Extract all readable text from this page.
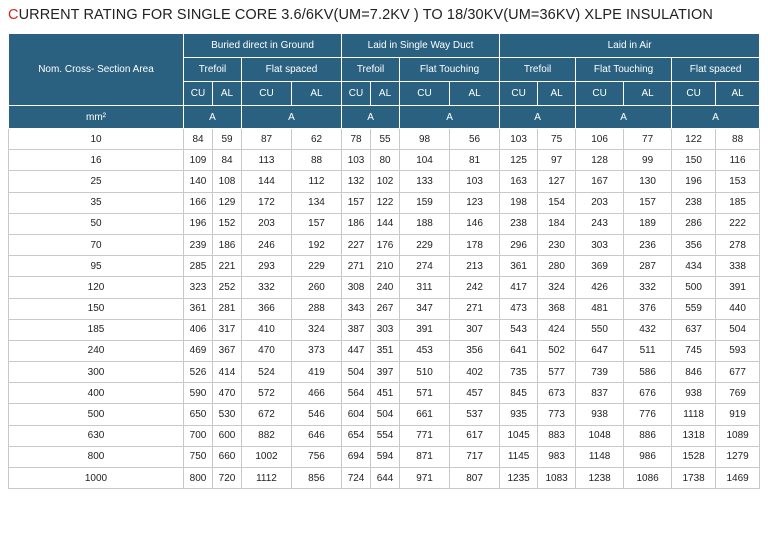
CURRENT RATING FOR SINGLE CORE 3.6/6KV(UM=7.2KV ) TO 18/30KV(UM=36KV) XLPE INSULATION
Nom. Cross- Section Area	Buried direct in Ground				Laid in Single Way Duct				Laid in Air					
	Trefoil		Flat spaced		Trefoil		Flat Touching		Trefoil		Flat Touching		Flat spaced	
	CU	AL	CU	AL	CU	AL	CU	AL	CU	AL	CU	AL	CU	AL
mm²	A		A		A		A		A		A		A	
10	84	59	87	62	78	55	98	56	103	75	106	77	122	88
16	109	84	113	88	103	80	104	81	125	97	128	99	150	116
25	140	108	144	112	132	102	133	103	163	127	167	130	196	153
35	166	129	172	134	157	122	159	123	198	154	203	157	238	185
50	196	152	203	157	186	144	188	146	238	184	243	189	286	222
70	239	186	246	192	227	176	229	178	296	230	303	236	356	278
95	285	221	293	229	271	210	274	213	361	280	369	287	434	338
120	323	252	332	260	308	240	311	242	417	324	426	332	500	391
150	361	281	366	288	343	267	347	271	473	368	481	376	559	440
185	406	317	410	324	387	303	391	307	543	424	550	432	637	504
240	469	367	470	373	447	351	453	356	641	502	647	511	745	593
300	526	414	524	419	504	397	510	402	735	577	739	586	846	677
400	590	470	572	466	564	451	571	457	845	673	837	676	938	769
500	650	530	672	546	604	504	661	537	935	773	938	776	1118	919
630	700	600	882	646	654	554	771	617	1045	883	1048	886	1318	1089
800	750	660	1002	756	694	594	871	717	1145	983	1148	986	1528	1279
1000	800	720	1112	856	724	644	971	807	1235	1083	1238	1086	1738	1469
